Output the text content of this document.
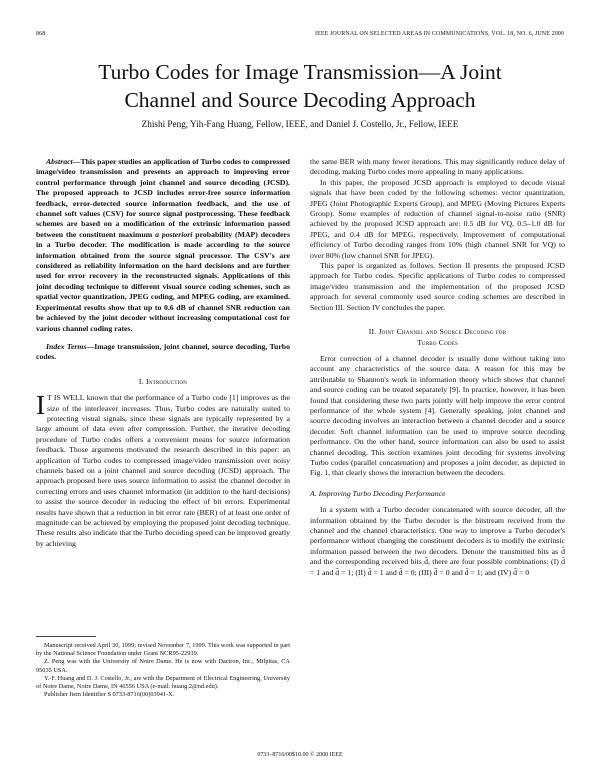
868	IEEE JOURNAL ON SELECTED AREAS IN COMMUNICATIONS, VOL. 18, NO. 6, JUNE 2000
Turbo Codes for Image Transmission—A Joint
Channel and Source Decoding Approach
Zhishi Peng, Yih-Fang Huang, Fellow, IEEE, and Daniel J. Costello, Jr., Fellow, IEEE

Abstract—This paper studies an application of Turbo codes to compressed image/video transmission and presents an approach to improving error control performance through joint channel and source decoding (JCSD). The proposed approach to JCSD includes error-free source information feedback, error-detected source information feedback, and the use of channel soft values (CSV) for source signal postprocessing. These feedback schemes are based on a modification of the extrinsic information passed between the constituent maximum a posteriori probability (MAP) decoders in a Turbo decoder. The modification is made according to the source information obtained from the source signal processor. The CSV's are considered as reliability information on the hard decisions and are further used for error recovery in the reconstructed signals. Applications of this joint decoding technique to different visual source coding schemes, such as spatial vector quantization, JPEG coding, and MPEG coding, are examined. Experimental results show that up to 0.6 dB of channel SNR reduction can be achieved by the joint decoder without increasing computational cost for various channel coding rates.

Index Terms—Image transmission, joint channel, source decoding, Turbo codes.

I. Introduction

I T IS WELL known that the performance of a Turbo code [1] improves as the size of the interleaver increases. Thus, Turbo codes are naturally suited to protecting visual signals, since these signals are typically represented by a large amount of data even after compression. Further, the iterative decoding procedure of Turbo codes offers a convenient means for source information feedback. Those arguments motivated the research described in this paper: an application of Turbo codes to compressed image/video transmission over noisy channels based on a joint channel and source decoding (JCSD) approach. The approach proposed here uses source information to assist the channel decoder in correcting errors and uses channel information (in addition to the hard decisions) to assist the source decoder in reducing the effect of bit errors. Experimental results have shown that a reduction in bit error rate (BER) of at least one order of magnitude can be achieved by employing the proposed joint decoding technique. These results also indicate that the Turbo decoding speed can be improved greatly by achieving

Manuscript received April 30, 1999; revised November 7, 1999. This work was supported in part by the National Science Foundation under Grant NCR95-22939.

Z. Peng was with the University of Notre Dame. He is now with Dactron, Inc., Milpitas, CA 95035 USA.

Y.-F. Huang and D. J. Costello, Jr., are with the Department of Electrical Engineering, University of Notre Dame, Notre Dame, IN 46556 USA (e-mail: huang.2@nd.edu).

Publisher Item Identifier S 0733-8716(00)03941-X.

the same BER with many fewer iterations. This may significantly reduce delay of decoding, making Turbo codes more appealing in many applications.

In this paper, the proposed JCSD approach is employed to decode visual signals that have been coded by the following schemes: vector quantization, JPEG (Joint Photographic Experts Group), and MPEG (Moving Pictures Experts Group). Some examples of reduction of channel signal-to-noise ratio (SNR) achieved by the proposed JCSD approach are: 0.5 dB for VQ, 0.5–1.0 dB for JPEG, and 0.4 dB for MPEG, respectively. Improvement of computational efficiency of Turbo decoding ranges from 10% (high channel SNR for VQ) to over 80% (low channel SNR for JPEG).

This paper is organized as follows. Section II presents the proposed JCSD approach for Turbo codes. Specific applications of Turbo codes to compressed image/video transmission and the implementation of the proposed JCSD approach for several commonly used source coding schemes are described in Section III. Section IV concludes the paper.

II. Joint Channel and Source Decoding for
Turbo Codes

Error correction of a channel decoder is usually done without taking into account any characteristics of the source data. A reason for this may be attributable to Shannon's work in information theory which shows that channel and source coding can be treated separately [9]. In practice, however, it has been found that considering these two parts jointly will help improve the error control performance of the whole system [4]. Generally speaking, joint channel and source decoding involves an interaction between a channel decoder and a source decoder. Soft channel information can be used to improve source decoding performance. On the other hand, source information can also be used to assist channel decoding. This section examines joint decoding for systems involving Turbo codes (parallel concatenation) and proposes a joint decoder, as depicted in Fig. 1, that clearly shows the interaction between the decoders.

A. Improving Turbo Decoding Performance

In a system with a Turbo decoder concatenated with source decoder, all the information obtained by the Turbo decoder is the bitstream received from the channel and the channel characteristics. One way to improve a Turbo decoder's performance without changing the constituent decoders is to modify the extrinsic information passed between the two decoders. Denote the transmitted bits as d̂ and the corresponding received bits d̂, there are four possible combinations: (I) d̂ = 1 and d̂ = 1; (II) d̂ = 1 and d̂ = 0; (III) d̂ = 0 and d̂ = 1; and (IV) d̂ = 0

0733–8716/00$10.00 © 2000 IEEE
